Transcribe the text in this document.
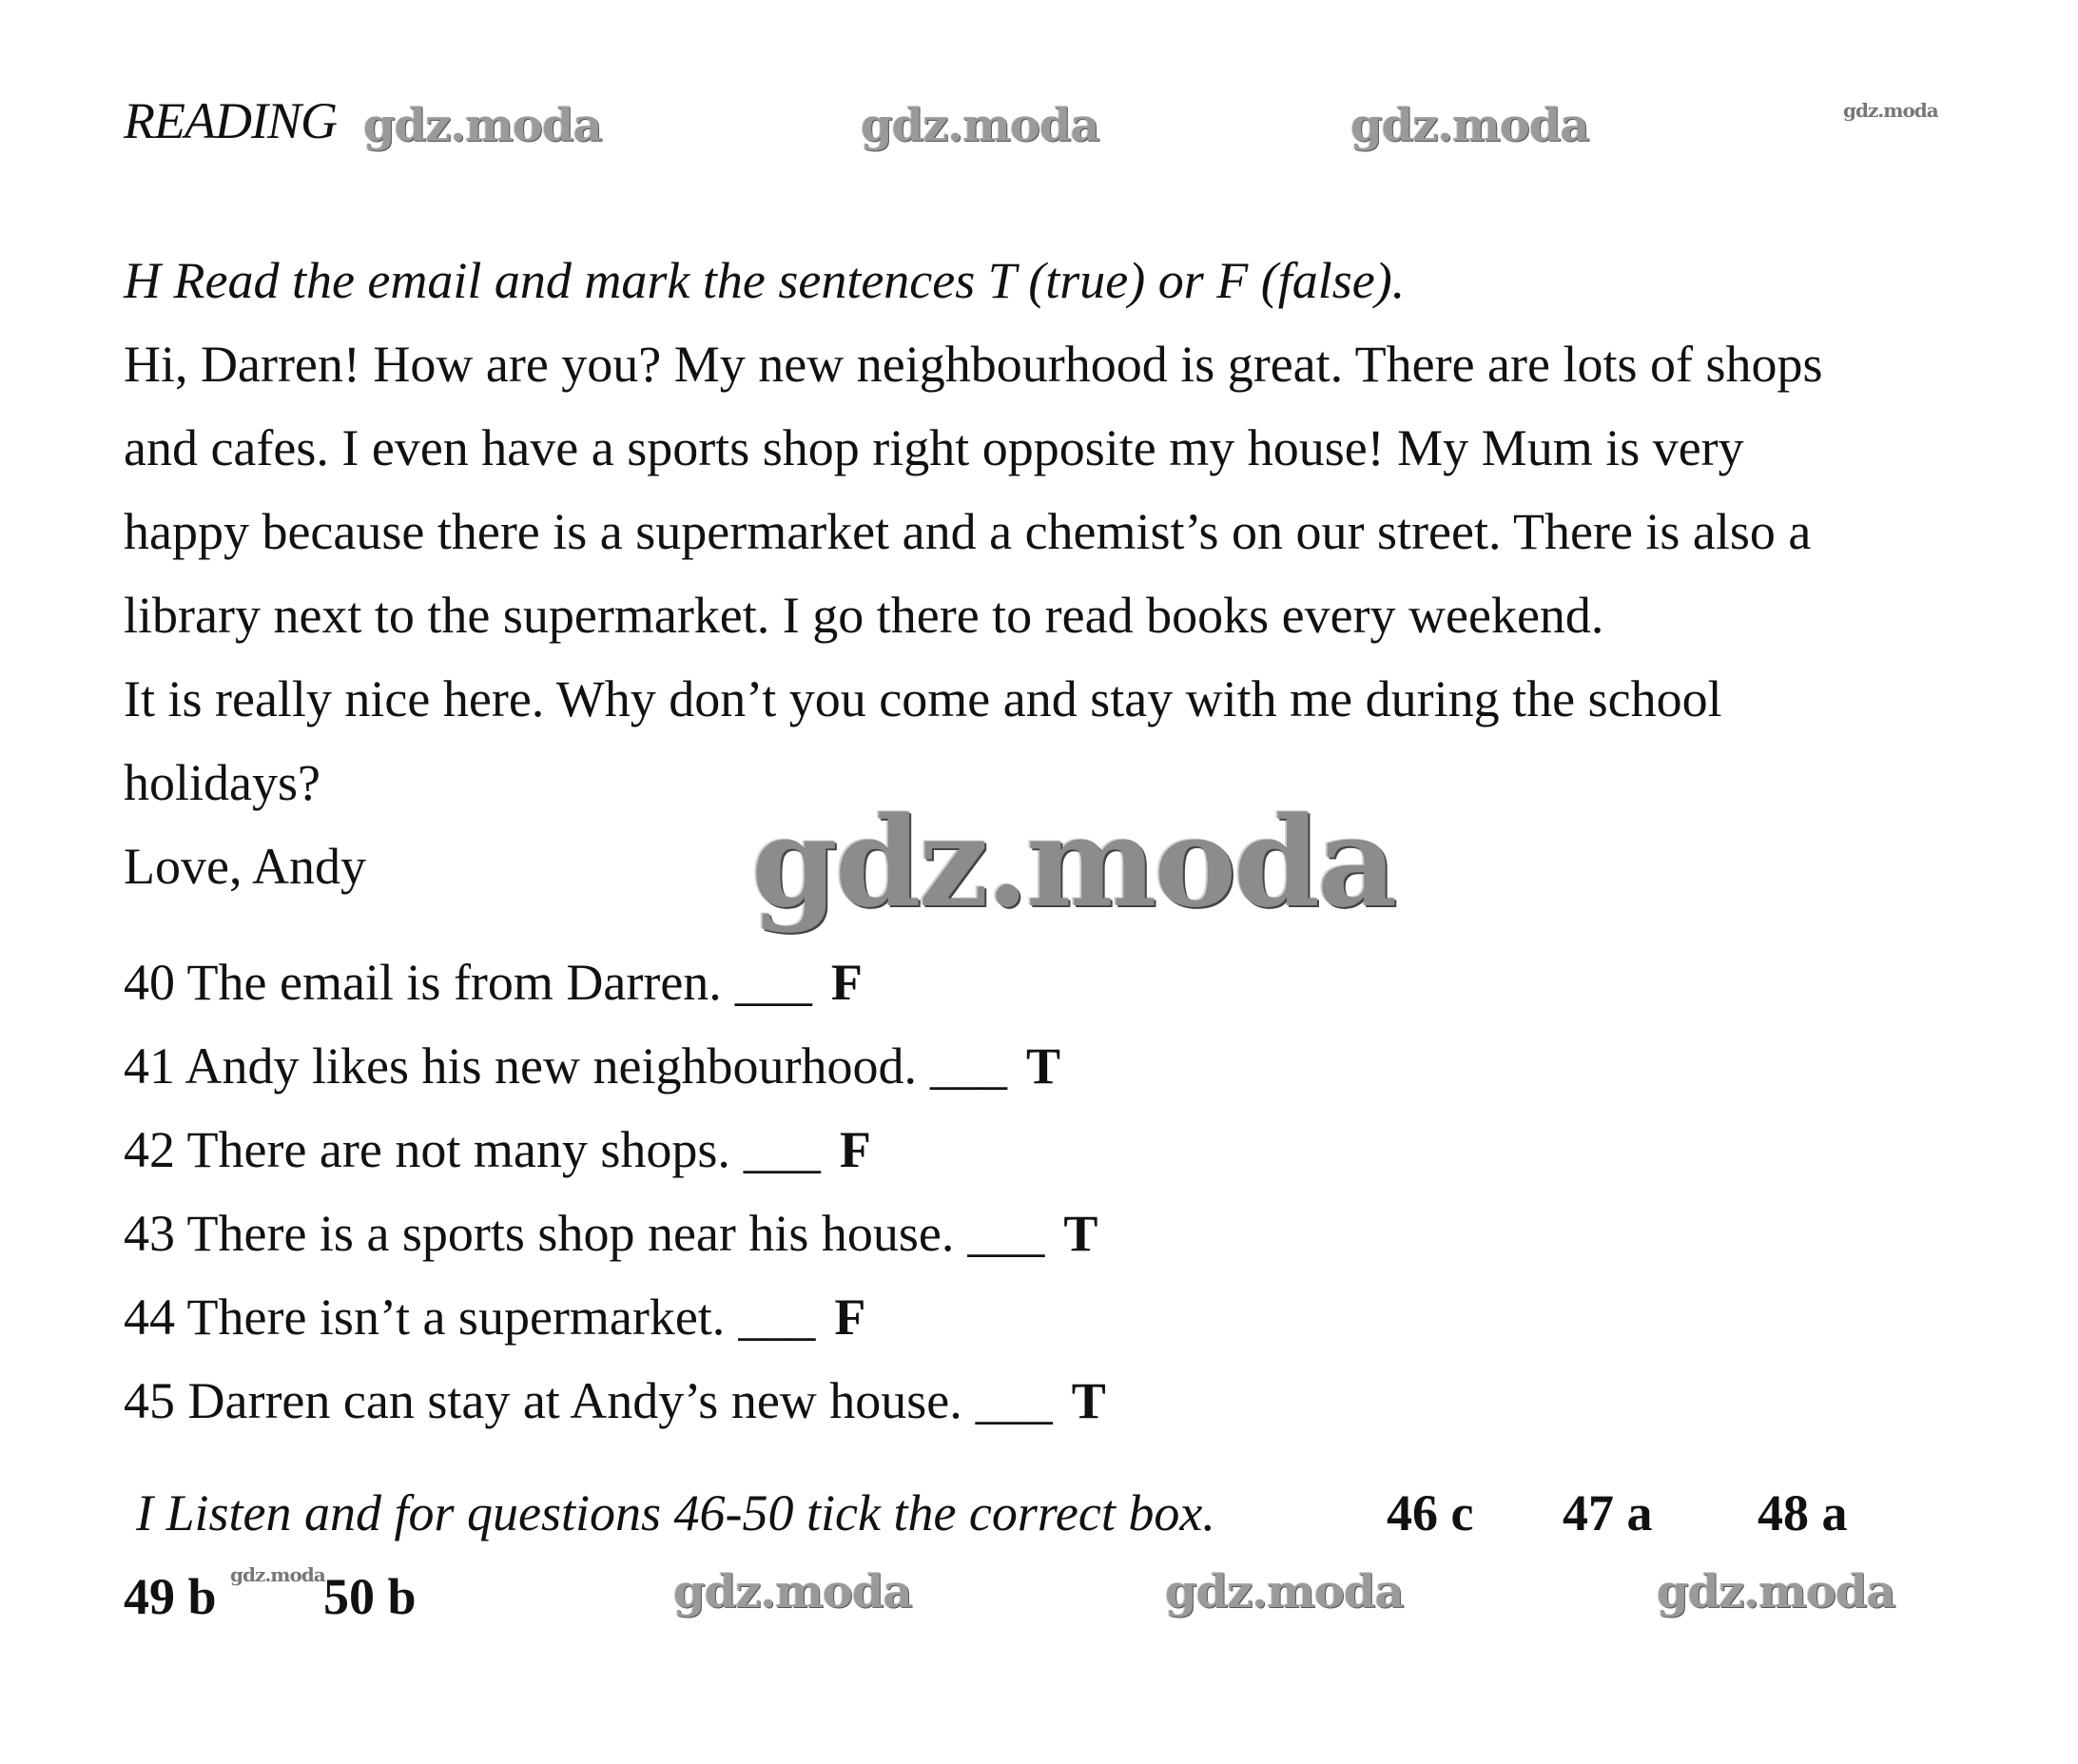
READING gdz.moda	gdz.moda	gdz.moda	gdz.moda
H Read the email and mark the sentences T (true) or F (false).
Hi, Darren! How are you? My new neighbourhood is great. There are lots of shops
and cafes. I even have a sports shop right opposite my house! My Mum is very
happy because there is a supermarket and a chemist’s on our street. There is also a
library next to the supermarket. I go there to read books every weekend.
It is really nice here. Why don’t you come and stay with me during the school
holidays?
Love, Andy	gdz.moda
40 The email is from Darren. ___ F
41 Andy likes his new neighbourhood. ___ T
42 There are not many shops. ___ F
43 There is a sports shop near his house. ___ T
44 There isn’t a supermarket. ___ F
45 Darren can stay at Andy’s new house. ___ T
I Listen and for questions 46-50 tick the correct box.	46 c 47 a 48 a
49 b 50 b
gdz.moda	gdz.moda	gdz.moda	gdz.moda
